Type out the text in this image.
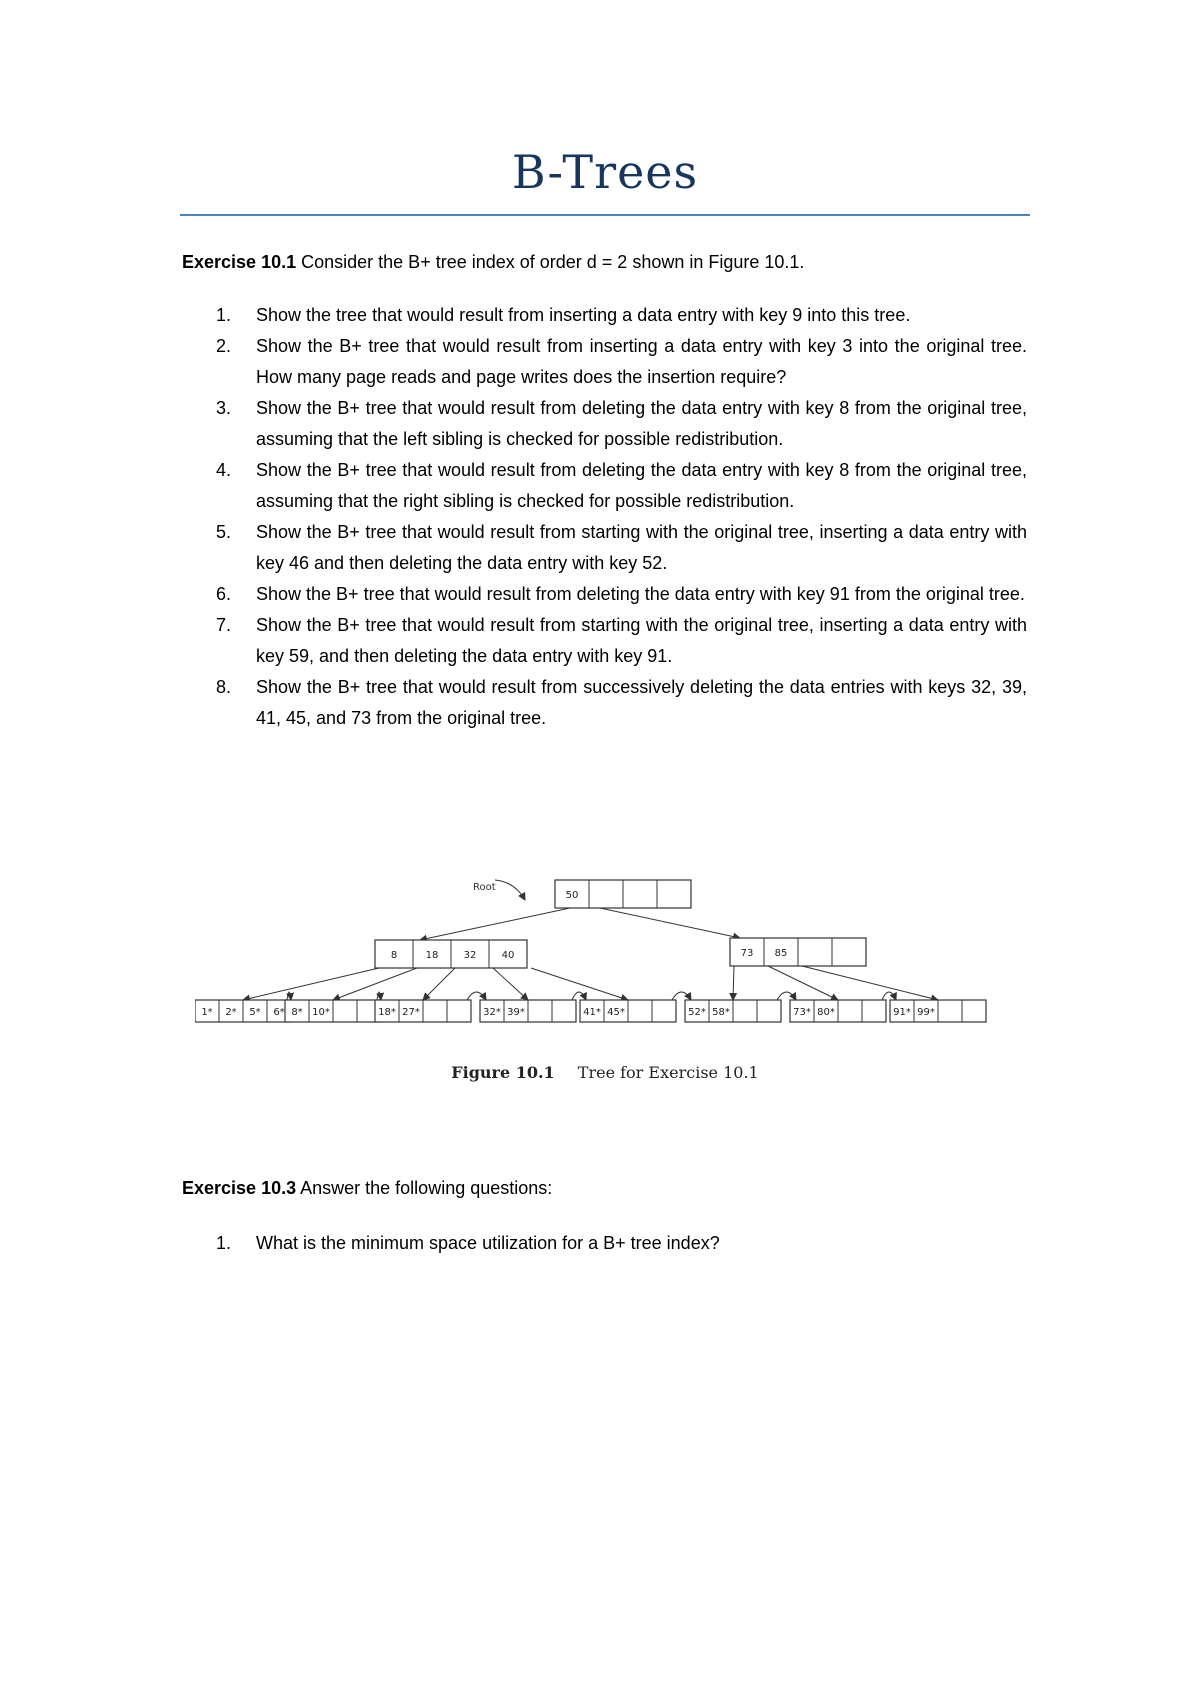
B-Trees

Exercise 10.1 Consider the B+ tree index of order d = 2 shown in Figure 10.1.

1. Show the tree that would result from inserting a data entry with key 9 into this tree.
2. Show the B+ tree that would result from inserting a data entry with key 3 into the original tree. How many page reads and page writes does the insertion require?
3. Show the B+ tree that would result from deleting the data entry with key 8 from the original tree, assuming that the left sibling is checked for possible redistribution.
4. Show the B+ tree that would result from deleting the data entry with key 8 from the original tree, assuming that the right sibling is checked for possible redistribution.
5. Show the B+ tree that would result from starting with the original tree, inserting a data entry with key 46 and then deleting the data entry with key 52.
6. Show the B+ tree that would result from deleting the data entry with key 91 from the original tree.
7. Show the B+ tree that would result from starting with the original tree, inserting a data entry with key 59, and then deleting the data entry with key 91.
8. Show the B+ tree that would result from successively deleting the data entries with keys 32, 39, 41, 45, and 73 from the original tree.
Root
50
8	18	32	40	73 85
1* 2* 5* 6* 8* 10*	18* 27*	32* 39*	41* 45*	52* 58*	73* 80*	91* 99*

Figure 10.1 Tree for Exercise 10.1

Exercise 10.3 Answer the following questions:

1. What is the minimum space utilization for a B+ tree index?
